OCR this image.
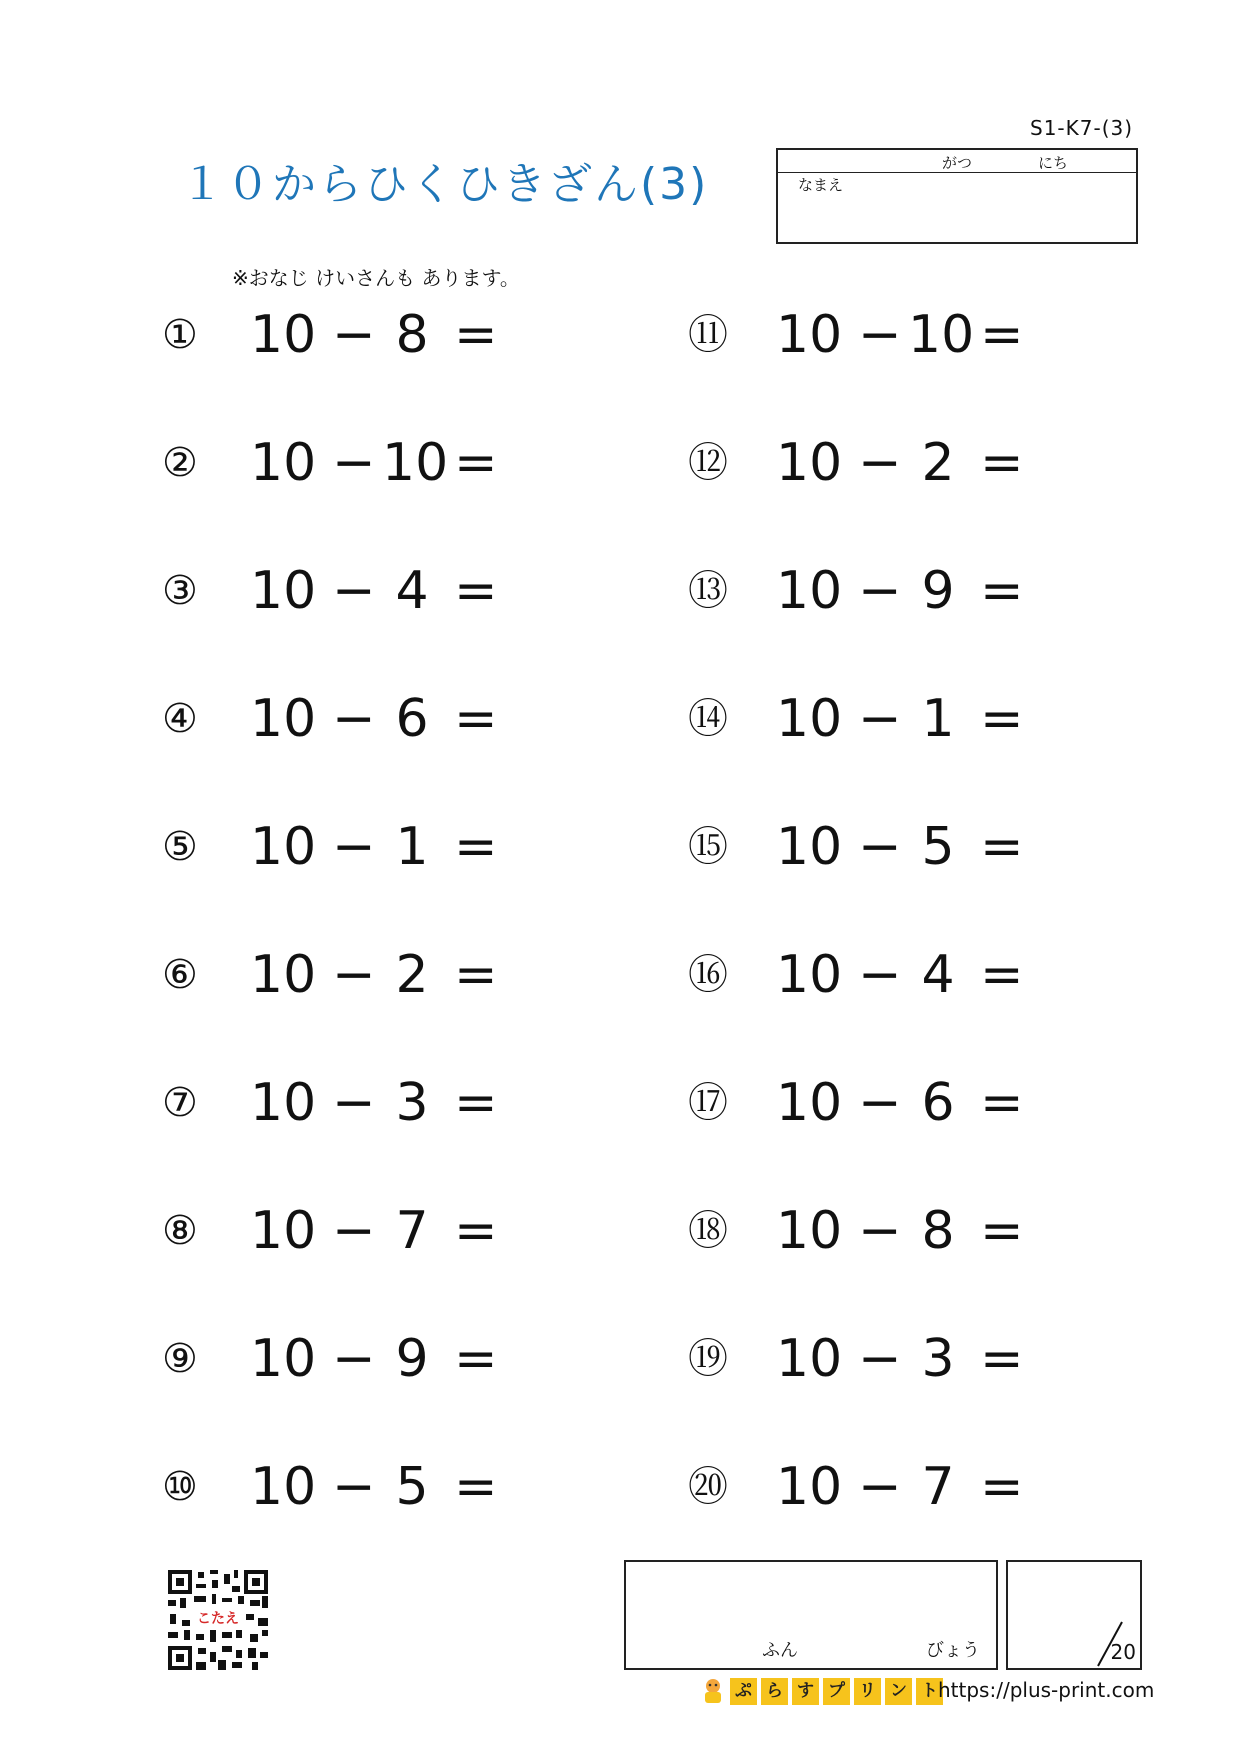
S1-K7-(3)
１０からひくひきざん(3)	がつ	にち
なまえ
※おなじ けいさんも あります。
① 10 − 8 =
② 10 − 10 =
③ 10 − 4 =
④ 10 − 6 =
⑤ 10 − 1 =
⑥ 10 − 2 =
⑦ 10 − 3 =
⑧ 10 − 7 =
⑨ 10 − 9 =
⑩ 10 − 5 =
⑪ 10 − 10 =
⑫ 10 − 2 =
⑬ 10 − 9 =
⑭ 10 − 1 =
⑮ 10 − 5 =
⑯ 10 − 4 =
⑰ 10 − 6 =
⑱ 10 − 8 =
⑲ 10 − 3 =
⑳ 10 − 7 =
こたえ
ふん	びょう	20
ぷ ら す プ リ ン ト https://plus-print.com
